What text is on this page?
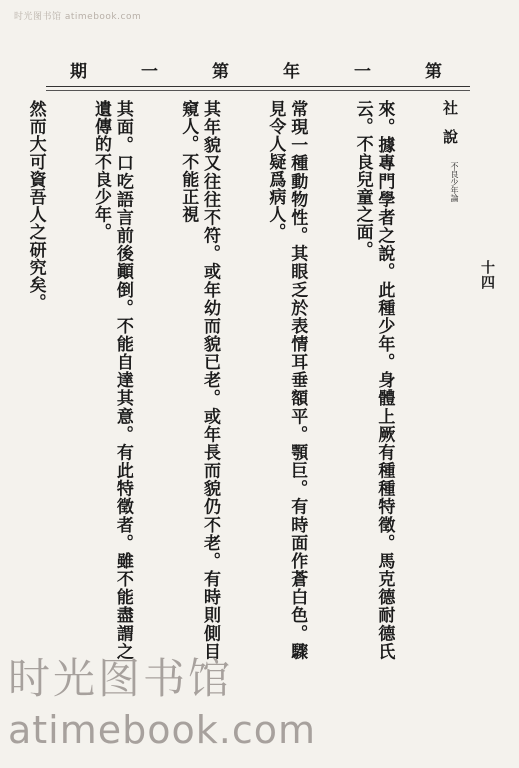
时光图书馆 atimebook.com
期	一	第	年	一	第
社說
不良少年論
十四

來。據專門學者之說。此種少年。身體上厥有種種特徵。馬克德耐德氏云。不良兒童之面。

常現一種動物性。其眼乏於表情耳垂額平。顎巨。有時面作蒼白色。驟見令人疑爲病人。

其年貌又往往不符。或年幼而貌已老。或年長而貌仍不老。有時則側目窺人。不能正視

其面。口吃語言前後顚倒。不能自達其意。有此特徵者。雖不能盡謂之遺傳的不良少年。

然而大可資吾人之研究矣。

时光图书馆
atimebook.com
